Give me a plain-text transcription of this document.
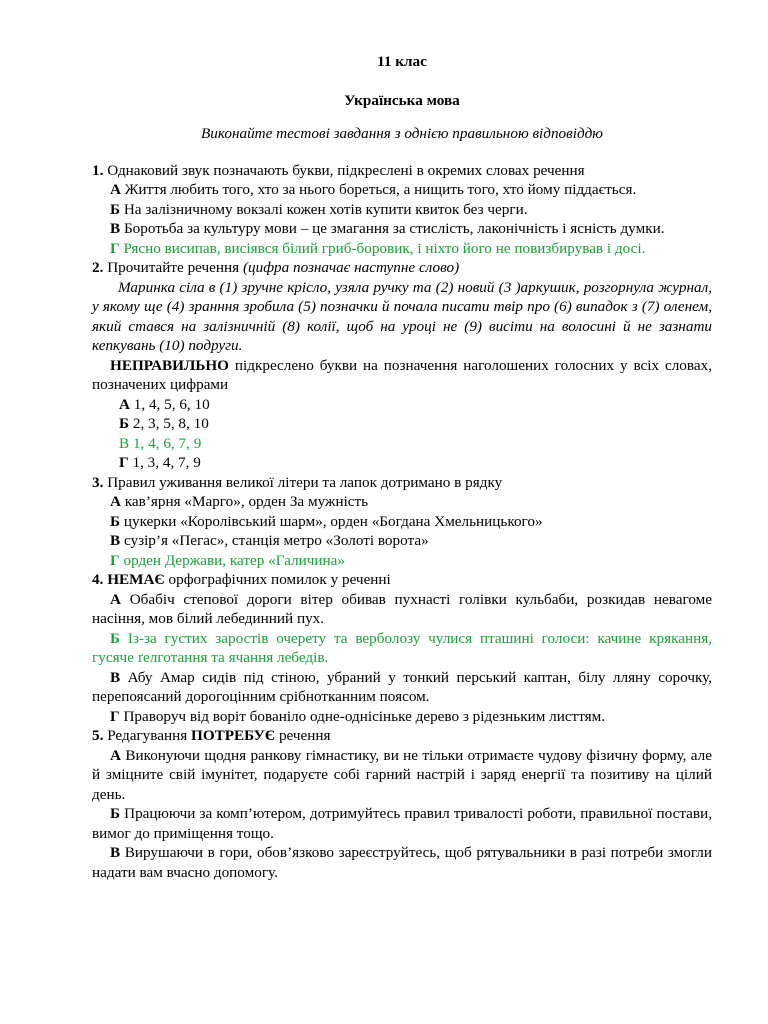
11 клас
Українська мова
Виконайте тестові завдання з однією правильною відповіддю
1. Однаковий звук позначають букви, підкреслені в окремих словах речення
А Життя любить того, хто за нього бореться, а нищить того, хто йому піддається.
Б На залізничному вокзалі кожен хотів купити квиток без черги.
В Боротьба за культуру мови – це змагання за стислість, лаконічність і ясність думки.
Г Рясно висипав, висіявся білий гриб-боровик, і ніхто його не повизбирував і досі.
2. Прочитайте речення (цифра позначає наступне слово)
Маринка сіла в (1) зручне крісло, узяла ручку та (2) новий (3 )аркушик, розгорнула журнал, у якому ще (4) зранння зробила (5) позначки й почала писати твір про (6) випадок з (7) оленем, який стався на залізничній (8) колії, щоб на уроці не (9) висіти на волосині й не зазнати кепкувань (10) подруги.
НЕПРАВИЛЬНО підкреслено букви на позначення наголошених голосних у всіх словах, позначених цифрами
А 1, 4, 5, 6, 10
Б 2, 3, 5, 8, 10
В 1, 4, 6, 7, 9
Г 1, 3, 4, 7, 9
3. Правил уживання великої літери та лапок дотримано в рядку
А кав’ярня «Марго», орден За мужність
Б цукерки «Королівський шарм», орден «Богдана Хмельницького»
В сузір’я «Пегас», станція метро «Золоті ворота»
Г орден Держави, катер «Галичина»
4. НЕМАЄ орфографічних помилок у реченні
А Обабіч степової дороги вітер обивав пухнасті голівки кульбаби, розкидав невагоме насіння, мов білий лебединний пух.
Б Із-за густих заростів очерету та верболозу чулися пташині голоси: качине крякання, гусяче ґелготання та ячання лебедів.
В Абу Амар сидів під стіною, убраний у тонкий перський каптан, білу лляну сорочку, перепоясаний дорогоцінним срібнотканним поясом.
Г Праворуч від воріт бованіло одне-однісіньке дерево з рідезньким листтям.
5. Редагування ПОТРЕБУЄ речення
А Виконуючи щодня ранкову гімнастику, ви не тільки отримаєте чудову фізичну форму, але й зміцните свій імунітет, подаруєте собі гарний настрій і заряд енергії та позитиву на цілий день.
Б Працюючи за комп’ютером, дотримуйтесь правил тривалості роботи, правильної постави, вимог до приміщення тощо.
В Вирушаючи в гори, обов’язково зареєструйтесь, щоб рятувальники в разі потреби змогли надати вам вчасно допомогу.
